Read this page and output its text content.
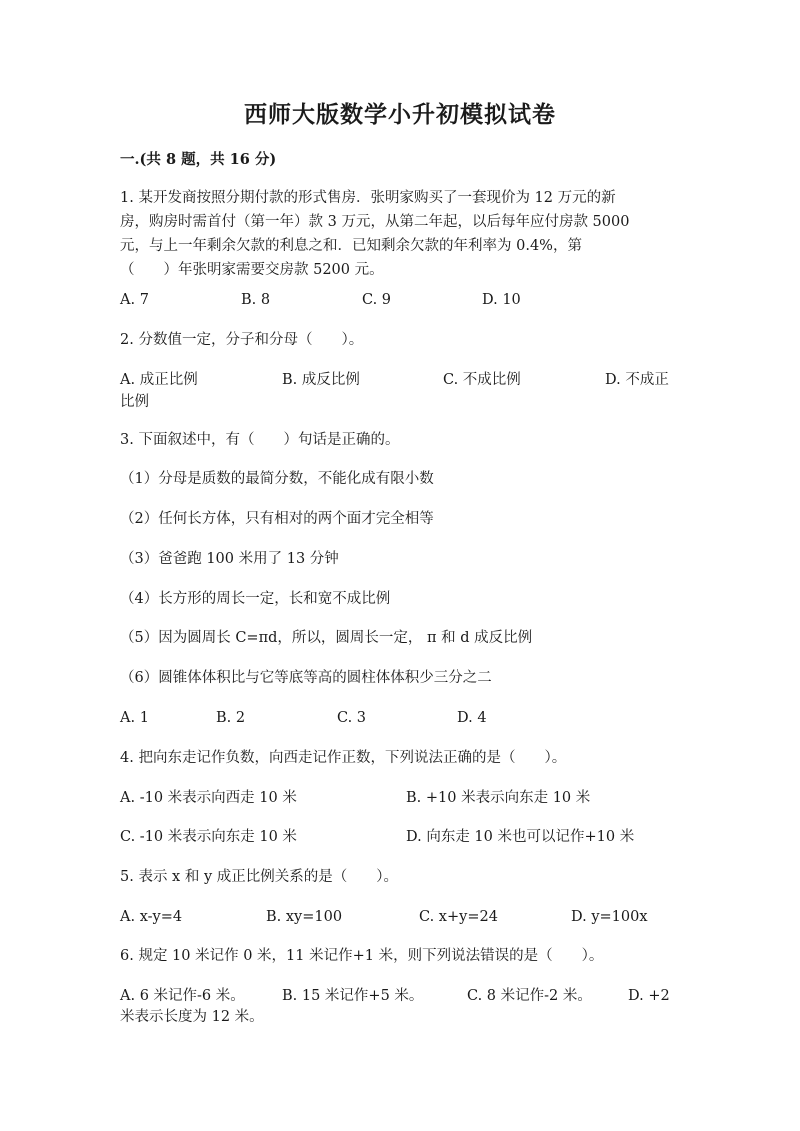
西师大版数学小升初模拟试卷
一.(共 8 题，共 16 分)
1. 某开发商按照分期付款的形式售房．张明家购买了一套现价为 12 万元的新
房，购房时需首付（第一年）款 3 万元，从第二年起，以后每年应付房款 5000
元，与上一年剩余欠款的利息之和．已知剩余欠款的年利率为 0.4%，第
（　　）年张明家需要交房款 5200 元。
A. 7	B. 8	C. 9	D. 10
2. 分数值一定，分子和分母（　　）。
A. 成正比例	B. 成反比例	C. 不成比例	D. 不成正
比例
3. 下面叙述中，有（　　）句话是正确的。
（1）分母是质数的最简分数，不能化成有限小数
（2）任何长方体，只有相对的两个面才完全相等
（3）爸爸跑 100 米用了 13 分钟
（4）长方形的周长一定，长和宽不成比例
（5）因为圆周长 C=πd，所以，圆周长一定， π 和 d 成反比例
（6）圆锥体体积比与它等底等高的圆柱体体积少三分之二
A. 1	B. 2	C. 3	D. 4
4. 把向东走记作负数，向西走记作正数，下列说法正确的是（　　）。
A. -10 米表示向西走 10 米	B. +10 米表示向东走 10 米
C. -10 米表示向东走 10 米	D. 向东走 10 米也可以记作+10 米
5. 表示 x 和 y 成正比例关系的是（　　）。
A. x-y=4	B. xy=100	C. x+y=24	D. y=100x
6. 规定 10 米记作 0 米，11 米记作+1 米，则下列说法错误的是（　　）。
A. 6 米记作-6 米。	B. 15 米记作+5 米。	C. 8 米记作-2 米。 D. +2
米表示长度为 12 米。
